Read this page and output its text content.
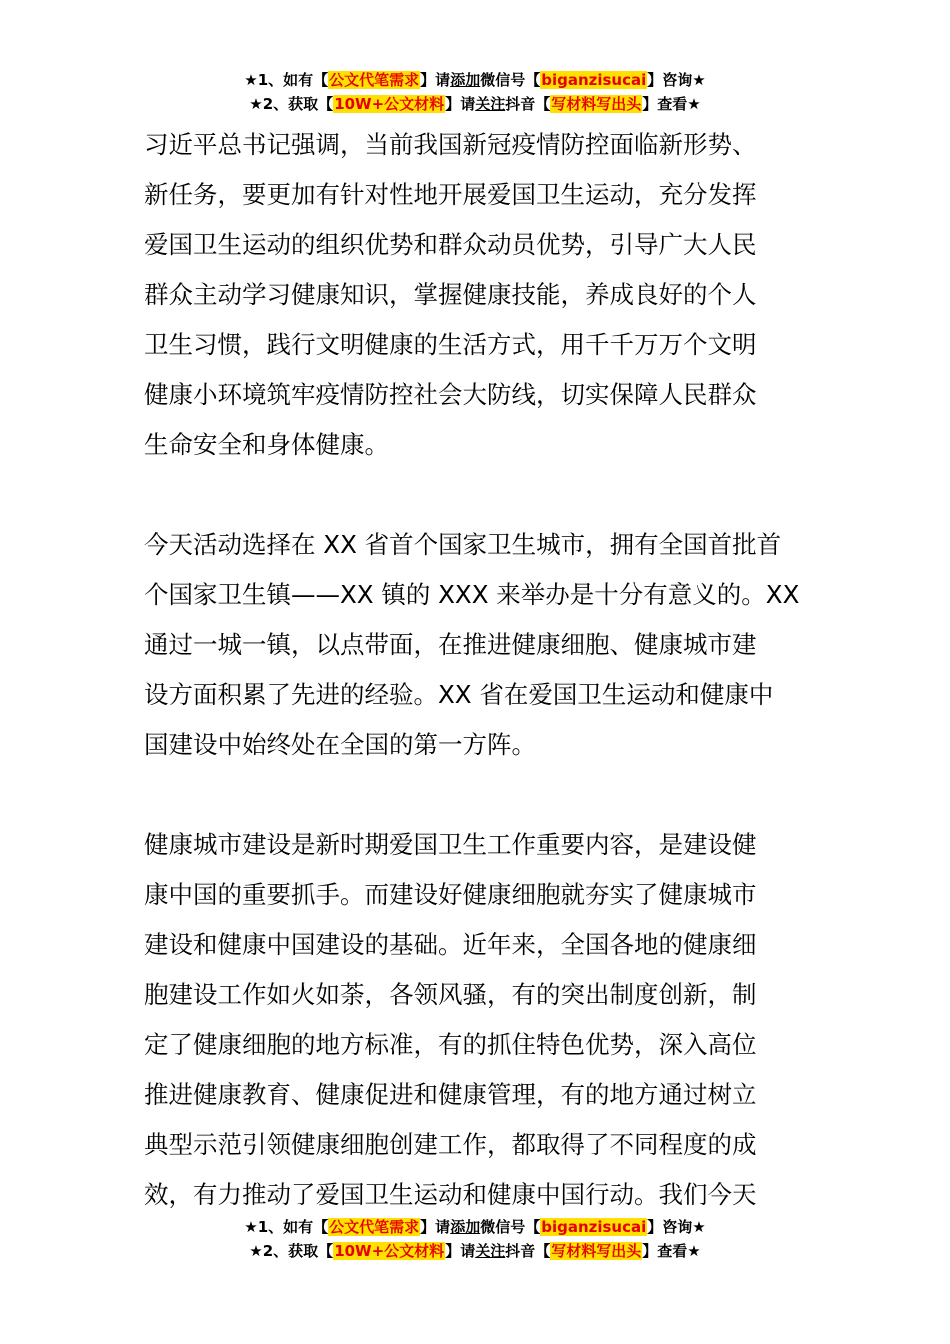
★1、如有【公文代笔需求】请添加微信号【biganzisucai】咨询★
★2、获取【10W+公文材料】请关注抖音【写材料写出头】查看★

习近平总书记强调，当前我国新冠疫情防控面临新形势、
新任务，要更加有针对性地开展爱国卫生运动，充分发挥
爱国卫生运动的组织优势和群众动员优势，引导广大人民
群众主动学习健康知识，掌握健康技能，养成良好的个人
卫生习惯，践行文明健康的生活方式，用千千万万个文明
健康小环境筑牢疫情防控社会大防线，切实保障人民群众
生命安全和身体健康。

今天活动选择在 XX 省首个国家卫生城市，拥有全国首批首
个国家卫生镇——XX 镇的 XXX 来举办是十分有意义的。XX
通过一城一镇，以点带面，在推进健康细胞、健康城市建
设方面积累了先进的经验。XX 省在爱国卫生运动和健康中
国建设中始终处在全国的第一方阵。

健康城市建设是新时期爱国卫生工作重要内容，是建设健
康中国的重要抓手。而建设好健康细胞就夯实了健康城市
建设和健康中国建设的基础。近年来，全国各地的健康细
胞建设工作如火如荼，各领风骚，有的突出制度创新，制
定了健康细胞的地方标准，有的抓住特色优势，深入高位
推进健康教育、健康促进和健康管理，有的地方通过树立
典型示范引领健康细胞创建工作，都取得了不同程度的成
效，有力推动了爱国卫生运动和健康中国行动。我们今天

★1、如有【公文代笔需求】请添加微信号【biganzisucai】咨询★
★2、获取【10W+公文材料】请关注抖音【写材料写出头】查看★
